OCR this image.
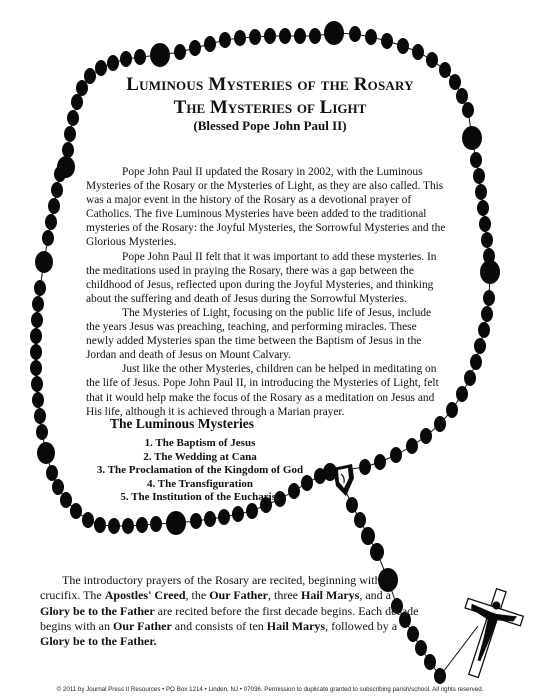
Luminous Mysteries of the Rosary
The Mysteries of Light
(Blessed Pope John Paul II)

Pope John Paul II updated the Rosary in 2002, with the Luminous Mysteries of the Rosary or the Mysteries of Light, as they are also called. This was a major event in the history of the Rosary as a devotional prayer of Catholics. The five Luminous Mysteries have been added to the traditional mysteries of the Rosary: the Joyful Mysteries, the Sorrowful Mysteries and the Glorious Mysteries.

Pope John Paul II felt that it was important to add these mysteries. In the meditations used in praying the Rosary, there was a gap between the childhood of Jesus, reflected upon during the Joyful Mysteries, and thinking about the suffering and death of Jesus during the Sorrowful Mysteries.

The Mysteries of Light, focusing on the public life of Jesus, include the years Jesus was preaching, teaching, and performing miracles. These newly added Mysteries span the time between the Baptism of Jesus in the Jordan and death of Jesus on Mount Calvary.

Just like the other Mysteries, children can be helped in meditating on the life of Jesus. Pope John Paul II, in introducing the Mysteries of Light, felt that it would help make the focus of the Rosary as a meditation on Jesus and His life, although it is achieved through a Marian prayer.

The Luminous Mysteries
1. The Baptism of Jesus
2. The Wedding at Cana
3. The Proclamation of the Kingdom of God
4. The Transfiguration
5. The Institution of the Eucharist

The introductory prayers of the Rosary are recited, beginning with the crucifix. The Apostles' Creed, the Our Father, three Hail Marys, and a Glory be to the Father are recited before the first decade begins. Each decade begins with an Our Father and consists of ten Hail Marys, followed by a Glory be to the Father.

© 2011 by Journal Press II Resources • PO Box 1214 • Linden, NJ • 07036. Permission to duplicate granted to subscribing parish/school. All rights reserved.
